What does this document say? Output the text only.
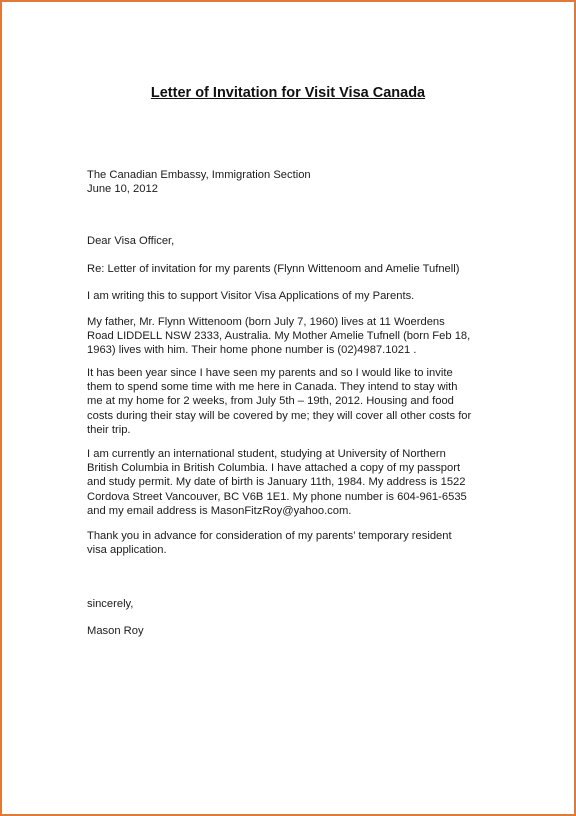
Letter of Invitation for Visit Visa Canada
The Canadian Embassy, Immigration Section
June 10, 2012
Dear Visa Officer,
Re: Letter of invitation for my parents (Flynn Wittenoom and Amelie Tufnell)
I am writing this to support Visitor Visa Applications of my Parents.
My father, Mr. Flynn Wittenoom (born July 7, 1960) lives at 11 Woerdens
Road LIDDELL NSW 2333, Australia. My Mother Amelie Tufnell (born Feb 18,
1963) lives with him. Their home phone number is (02)4987.1021 .
It has been year since I have seen my parents and so I would like to invite
them to spend some time with me here in Canada. They intend to stay with
me at my home for 2 weeks, from July 5th – 19th, 2012. Housing and food
costs during their stay will be covered by me; they will cover all other costs for
their trip.
I am currently an international student, studying at University of Northern
British Columbia in British Columbia. I have attached a copy of my passport
and study permit. My date of birth is January 11th, 1984. My address is 1522
Cordova Street Vancouver, BC V6B 1E1. My phone number is 604-961-6535
and my email address is MasonFitzRoy@yahoo.com.
Thank you in advance for consideration of my parents’ temporary resident
visa application.
sincerely,
Mason Roy
